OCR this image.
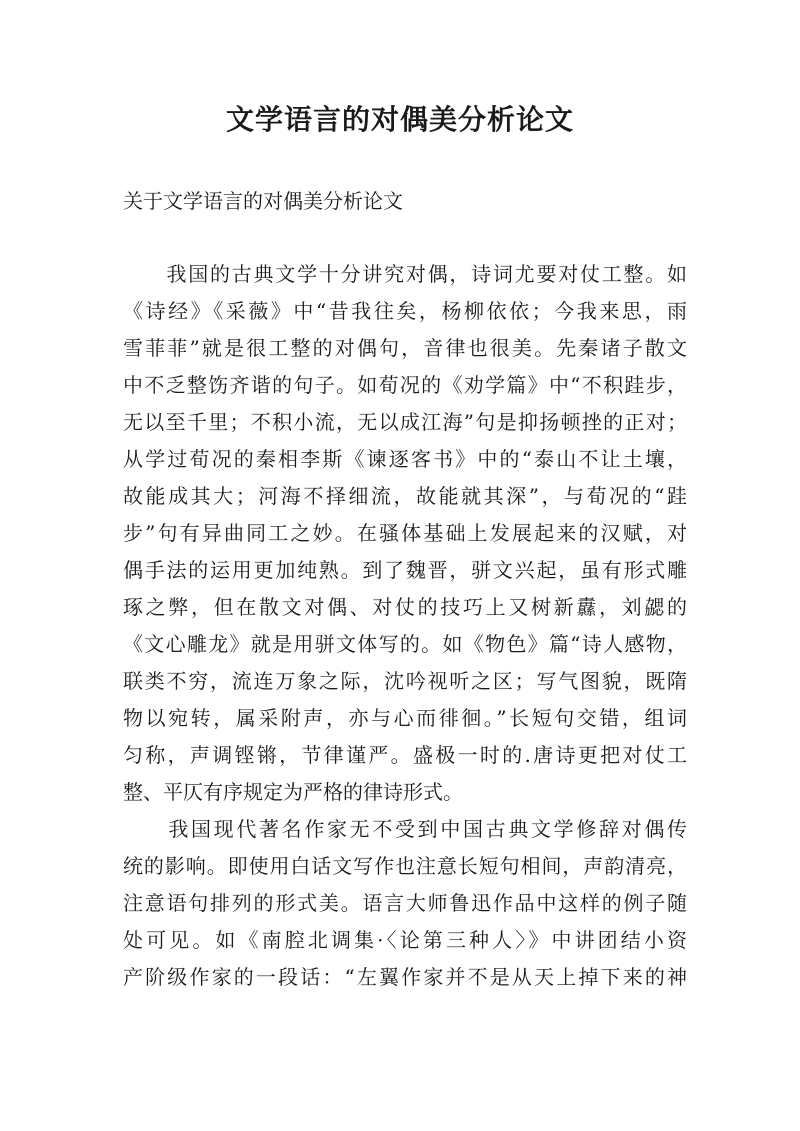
文学语言的对偶美分析论文

关于文学语言的对偶美分析论文

　　我国的古典文学十分讲究对偶，诗词尤要对仗工整。如
《诗经》《采薇》中“昔我往矣，杨柳依依；今我来思，雨
雪菲菲”就是很工整的对偶句，音律也很美。先秦诸子散文
中不乏整饬齐谐的句子。如荀况的《劝学篇》中“不积跬步，
无以至千里；不积小流，无以成江海”句是抑扬顿挫的正对；
从学过荀况的秦相李斯《谏逐客书》中的“泰山不让土壤，
故能成其大；河海不择细流，故能就其深”，与荀况的“跬
步”句有异曲同工之妙。在骚体基础上发展起来的汉赋，对
偶手法的运用更加纯熟。到了魏晋，骈文兴起，虽有形式雕
琢之弊，但在散文对偶、对仗的技巧上又树新纛，刘勰的
《文心雕龙》就是用骈文体写的。如《物色》篇“诗人感物，
联类不穷，流连万象之际，沈吟视听之区；写气图貌，既隋
物以宛转，属采附声，亦与心而徘徊。”长短句交错，组词
匀称，声调铿锵，节律谨严。盛极一时的.唐诗更把对仗工
整、平仄有序规定为严格的律诗形式。
　　我国现代著名作家无不受到中国古典文学修辞对偶传
统的影响。即使用白话文写作也注意长短句相间，声韵清亮，
注意语句排列的形式美。语言大师鲁迅作品中这样的例子随
处可见。如《南腔北调集·〈论第三种人〉》中讲团结小资
产阶级作家的一段话：“左翼作家并不是从天上掉下来的神
